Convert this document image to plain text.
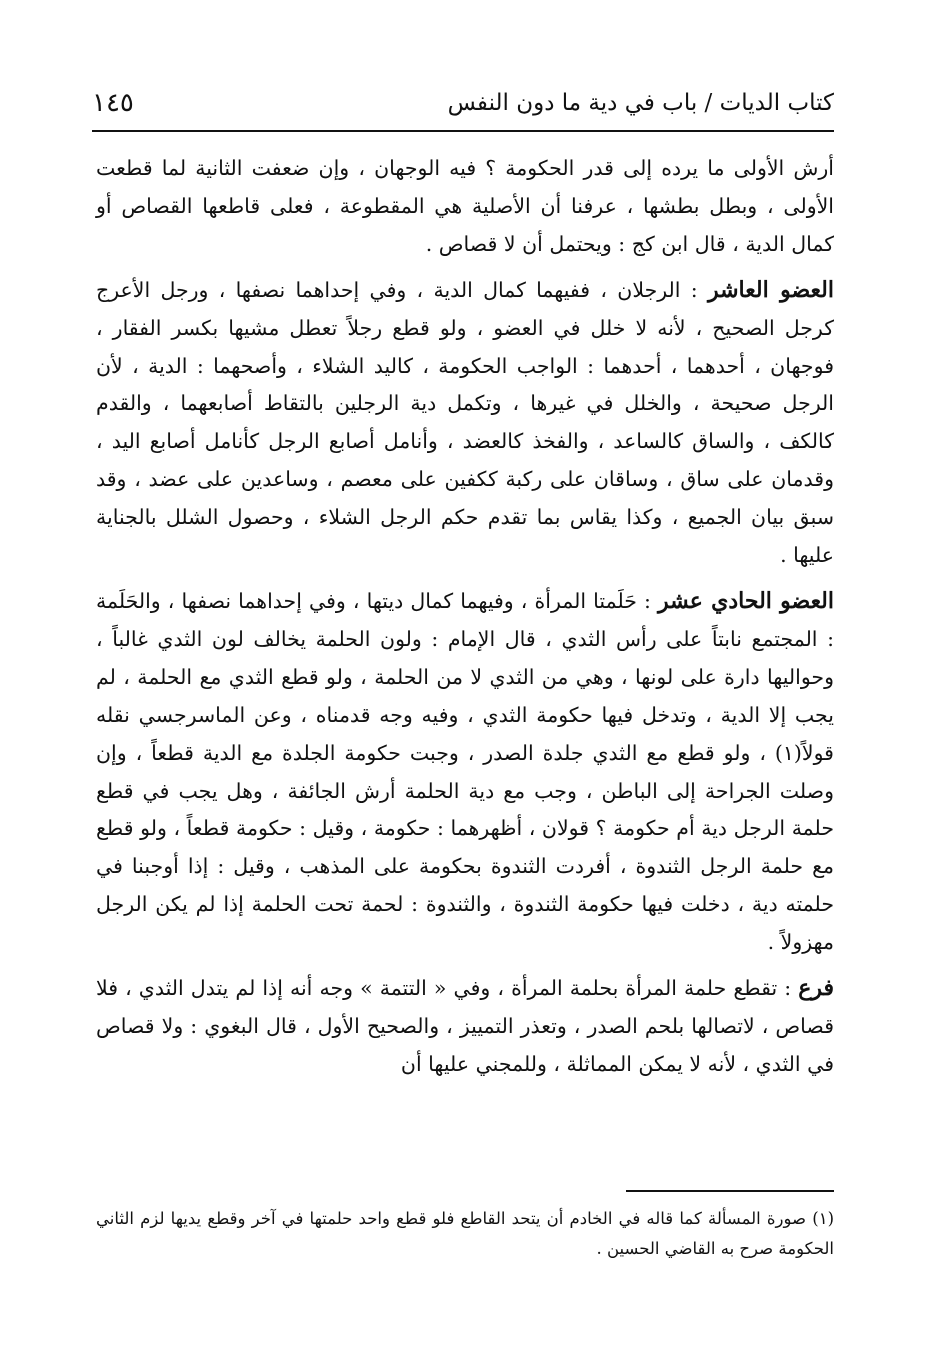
كتاب الديات / باب في دية ما دون النفس
١٤٥

أرش الأولى ما يرده إلى قدر الحكومة ؟ فيه الوجهان ، وإن ضعفت الثانية لما قطعت الأولى ، وبطل بطشها ، عرفنا أن الأصلية هي المقطوعة ، فعلى قاطعها القصاص أو كمال الدية ، قال ابن كج : ويحتمل أن لا قصاص .

العضو العاشر : الرجلان ، ففيهما كمال الدية ، وفي إحداهما نصفها ، ورجل الأعرج كرجل الصحيح ، لأنه لا خلل في العضو ، ولو قطع رجلاً تعطل مشيها بكسر الفقار ، فوجهان ، أحدهما ، أحدهما : الواجب الحكومة ، كاليد الشلاء ، وأصحهما : الدية ، لأن الرجل صحيحة ، والخلل في غيرها ، وتكمل دية الرجلين بالتقاط أصابعهما ، والقدم كالكف ، والساق كالساعد ، والفخذ كالعضد ، وأنامل أصابع الرجل كأنامل أصابع اليد ، وقدمان على ساق ، وساقان على ركبة ككفين على معصم ، وساعدين على عضد ، وقد سبق بيان الجميع ، وكذا يقاس بما تقدم حكم الرجل الشلاء ، وحصول الشلل بالجناية عليها .

العضو الحادي عشر : حَلَمتا المرأة ، وفيهما كمال ديتها ، وفي إحداهما نصفها ، والحَلَمة : المجتمع نابتاً على رأس الثدي ، قال الإمام : ولون الحلمة يخالف لون الثدي غالباً ، وحواليها دارة على لونها ، وهي من الثدي لا من الحلمة ، ولو قطع الثدي مع الحلمة ، لم يجب إلا الدية ، وتدخل فيها حكومة الثدي ، وفيه وجه قدمناه ، وعن الماسرجسي نقله قولاً(١) ، ولو قطع مع الثدي جلدة الصدر ، وجبت حكومة الجلدة مع الدية قطعاً ، وإن وصلت الجراحة إلى الباطن ، وجب مع دية الحلمة أرش الجائفة ، وهل يجب في قطع حلمة الرجل دية أم حكومة ؟ قولان ، أظهرهما : حكومة ، وقيل : حكومة قطعاً ، ولو قطع مع حلمة الرجل الثندوة ، أفردت الثندوة بحكومة على المذهب ، وقيل : إذا أوجبنا في حلمته دية ، دخلت فيها حكومة الثندوة ، والثندوة : لحمة تحت الحلمة إذا لم يكن الرجل مهزولاً .

فرع : تقطع حلمة المرأة بحلمة المرأة ، وفي « التتمة » وجه أنه إذا لم يتدل الثدي ، فلا قصاص ، لاتصالها بلحم الصدر ، وتعذر التمييز ، والصحيح الأول ، قال البغوي : ولا قصاص في الثدي ، لأنه لا يمكن المماثلة ، وللمجني عليها أن

(١) صورة المسألة كما قاله في الخادم أن يتحد القاطع فلو قطع واحد حلمتها في آخر وقطع يديها لزم الثاني الحكومة صرح به القاضي الحسين .
